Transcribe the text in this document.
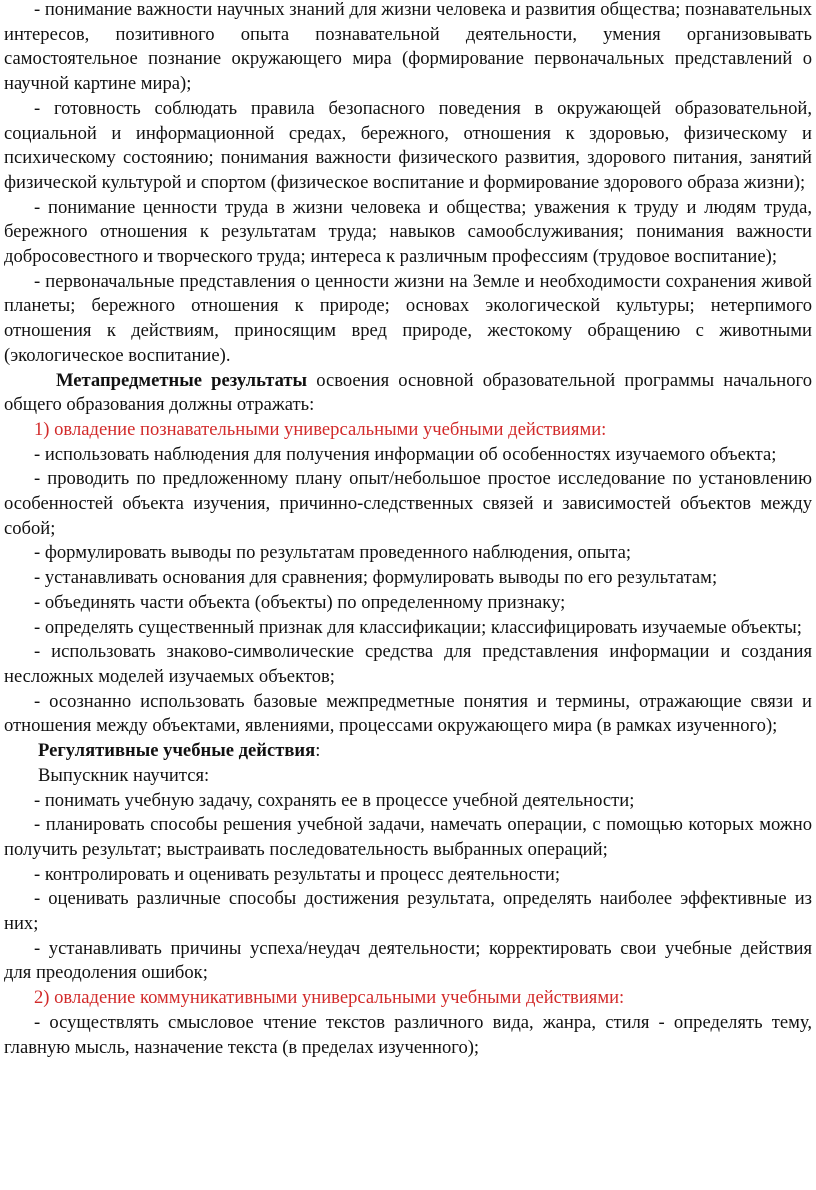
- понимание важности научных знаний для жизни человека и развития общества; познавательных интересов, позитивного опыта познавательной деятельности, умения организовывать самостоятельное познание окружающего мира (формирование первоначальных представлений о научной картине мира);

- готовность соблюдать правила безопасного поведения в окружающей образовательной, социальной и информационной средах, бережного, отношения к здоровью, физическому и психическому состоянию; понимания важности физического развития, здорового питания, занятий физической культурой и спортом (физическое воспитание и формирование здорового образа жизни);

- понимание ценности труда в жизни человека и общества; уважения к труду и людям труда, бережного отношения к результатам труда; навыков самообслуживания; понимания важности добросовестного и творческого труда; интереса к различным профессиям (трудовое воспитание);

- первоначальные представления о ценности жизни на Земле и необходимости сохранения живой планеты; бережного отношения к природе; основах экологической культуры; нетерпимого отношения к действиям, приносящим вред природе, жестокому обращению с животными (экологическое воспитание).

Метапредметные результаты освоения основной образовательной программы начального общего образования должны отражать:

1) овладение познавательными универсальными учебными действиями:

- использовать наблюдения для получения информации об особенностях изучаемого объекта;

- проводить по предложенному плану опыт/небольшое простое исследование по установлению особенностей объекта изучения, причинно-следственных связей и зависимостей объектов между собой;

- формулировать выводы по результатам проведенного наблюдения, опыта;

- устанавливать основания для сравнения; формулировать выводы по его результатам;

- объединять части объекта (объекты) по определенному признаку;

- определять существенный признак для классификации; классифицировать изучаемые объекты;

- использовать знаково-символические средства для представления информации и создания несложных моделей изучаемых объектов;

- осознанно использовать базовые межпредметные понятия и термины, отражающие связи и отношения между объектами, явлениями, процессами окружающего мира (в рамках изученного);

Регулятивные учебные действия:

Выпускник научится:

- понимать учебную задачу, сохранять ее в процессе учебной деятельности;

- планировать способы решения учебной задачи, намечать операции, с помощью которых можно получить результат; выстраивать последовательность выбранных операций;

- контролировать и оценивать результаты и процесс деятельности;

- оценивать различные способы достижения результата, определять наиболее эффективные из них;

- устанавливать причины успеха/неудач деятельности; корректировать свои учебные действия для преодоления ошибок;

2) овладение коммуникативными универсальными учебными действиями:

- осуществлять смысловое чтение текстов различного вида, жанра, стиля - определять тему, главную мысль, назначение текста (в пределах изученного);
